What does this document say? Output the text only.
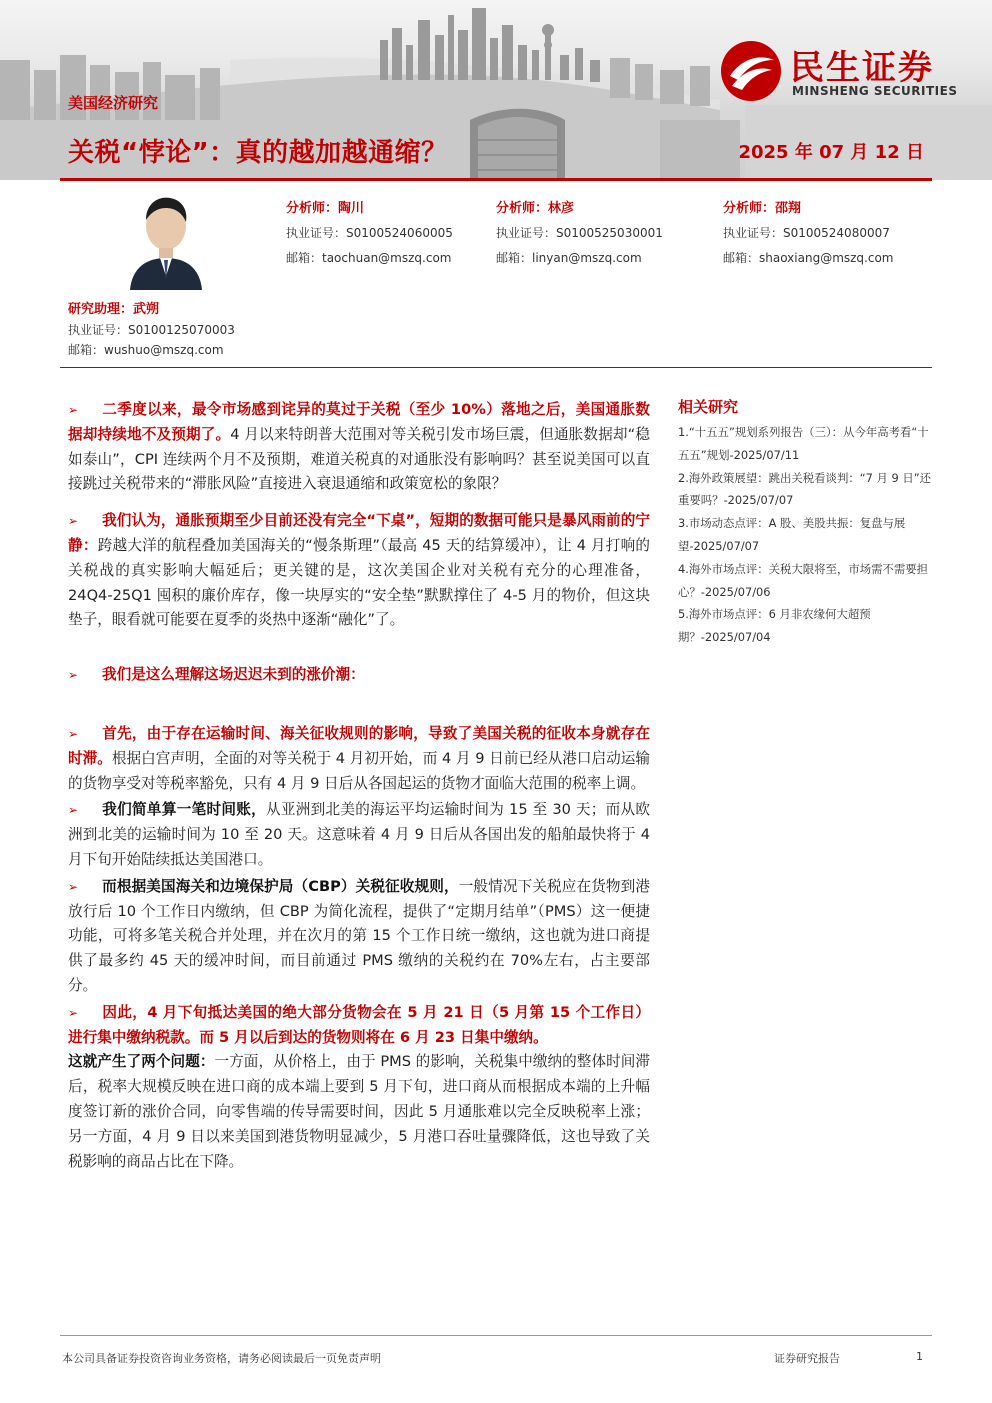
民生证券
MINSHENG SECURITIES
美国经济研究
关税“悖论”：真的越加越通缩？	2025 年 07 月 12 日
分析师：陶川
执业证号：S0100524060005
邮箱：taochuan@mszq.com
分析师：林彦
执业证号：S0100525030001
邮箱：linyan@mszq.com
分析师：邵翔
执业证号：S0100524080007
邮箱：shaoxiang@mszq.com
研究助理：武朔
执业证号：S0100125070003
邮箱：wushuo@mszq.com
➢ 二季度以来，最令市场感到诧异的莫过于关税（至少 10%）落地之后，美国通胀数据却持续地不及预期了。4 月以来特朗普大范围对等关税引发市场巨震，但通胀数据却“稳如泰山”，CPI 连续两个月不及预期，难道关税真的对通胀没有影响吗？甚至说美国可以直接跳过关税带来的“滞胀风险”直接进入衰退通缩和政策宽松的象限？
➢ 我们认为，通胀预期至少目前还没有完全“下桌”，短期的数据可能只是暴风雨前的宁静：跨越大洋的航程叠加美国海关的“慢条斯理”（最高 45 天的结算缓冲），让 4 月打响的关税战的真实影响大幅延后；更关键的是，这次美国企业对关税有充分的心理准备，24Q4-25Q1 囤积的廉价库存，像一块厚实的“安全垫”默默撑住了 4-5 月的物价，但这块垫子，眼看就可能要在夏季的炎热中逐渐“融化”了。
➢ 我们是这么理解这场迟迟未到的涨价潮：
➢ 首先，由于存在运输时间、海关征收规则的影响，导致了美国关税的征收本身就存在时滞。根据白宫声明，全面的对等关税于 4 月初开始，而 4 月 9 日前已经从港口启动运输的货物享受对等税率豁免，只有 4 月 9 日后从各国起运的货物才面临大范围的税率上调。
➢ 我们简单算一笔时间账，从亚洲到北美的海运平均运输时间为 15 至 30 天；而从欧洲到北美的运输时间为 10 至 20 天。这意味着 4 月 9 日后从各国出发的船舶最快将于 4 月下旬开始陆续抵达美国港口。
➢ 而根据美国海关和边境保护局（CBP）关税征收规则，一般情况下关税应在货物到港放行后 10 个工作日内缴纳，但 CBP 为简化流程，提供了“定期月结单”（PMS）这一便捷功能，可将多笔关税合并处理，并在次月的第 15 个工作日统一缴纳，这也就为进口商提供了最多约 45 天的缓冲时间，而目前通过 PMS 缴纳的关税约在 70%左右，占主要部分。
➢ 因此，4 月下旬抵达美国的绝大部分货物会在 5 月 21 日（5 月第 15 个工作日）进行集中缴纳税款。而 5 月以后到达的货物则将在 6 月 23 日集中缴纳。
这就产生了两个问题：一方面，从价格上，由于 PMS 的影响，关税集中缴纳的整体时间滞后，税率大规模反映在进口商的成本端上要到 5 月下旬，进口商从而根据成本端的上升幅度签订新的涨价合同，向零售端的传导需要时间，因此 5 月通胀难以完全反映税率上涨；另一方面，4 月 9 日以来美国到港货物明显减少，5 月港口吞吐量骤降低，这也导致了关税影响的商品占比在下降。
相关研究
1.“十五五”规划系列报告（三）：从今年高考看“十五五”规划-2025/07/11
2.海外政策展望：跳出关税看谈判：“7 月 9 日”还重要吗？-2025/07/07
3.市场动态点评：A 股、美股共振：复盘与展望-2025/07/07
4.海外市场点评：关税大限将至，市场需不需要担心？-2025/07/06
5.海外市场点评：6 月非农缘何大超预期？-2025/07/04
本公司具备证券投资咨询业务资格，请务必阅读最后一页免责声明	证券研究报告	1
